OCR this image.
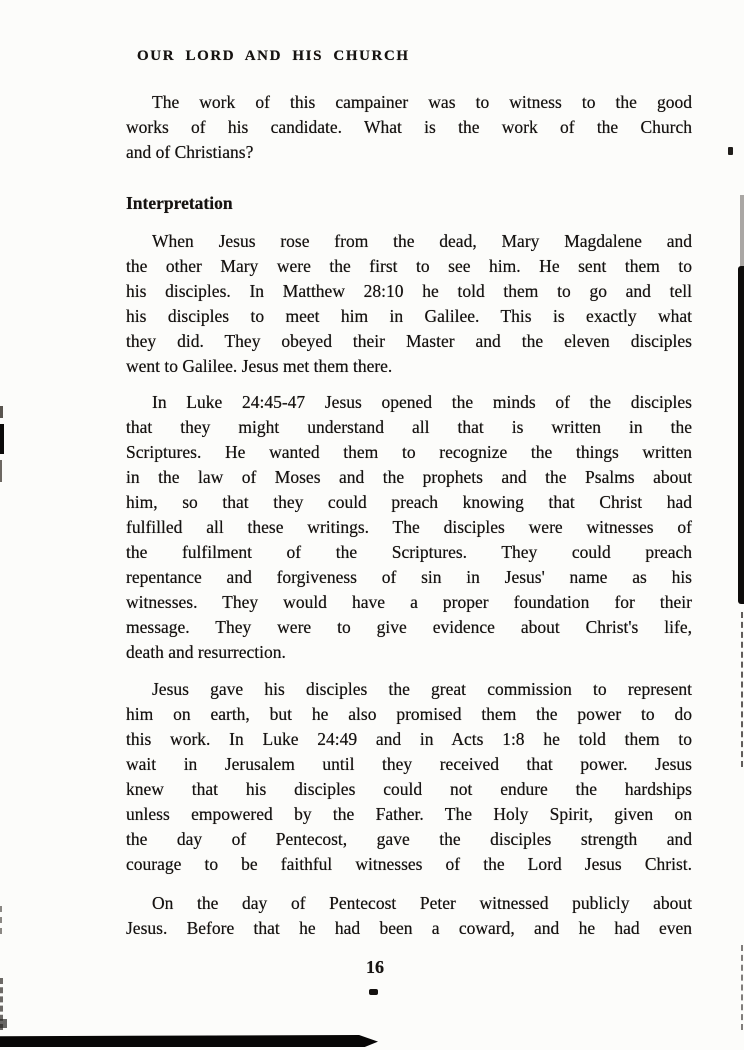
OUR LORD AND HIS CHURCH
The work of this campainer was to witness to the good
works of his candidate. What is the work of the Church
and of Christians?
Interpretation
When Jesus rose from the dead, Mary Magdalene and
the other Mary were the first to see him. He sent them to
his disciples. In Matthew 28:10 he told them to go and tell
his disciples to meet him in Galilee. This is exactly what
they did. They obeyed their Master and the eleven disciples
went to Galilee. Jesus met them there.
In Luke 24:45-47 Jesus opened the minds of the disciples
that they might understand all that is written in the
Scriptures. He wanted them to recognize the things written
in the law of Moses and the prophets and the Psalms about
him, so that they could preach knowing that Christ had
fulfilled all these writings. The disciples were witnesses of
the fulfilment of the Scriptures. They could preach
repentance and forgiveness of sin in Jesus' name as his
witnesses. They would have a proper foundation for their
message. They were to give evidence about Christ's life,
death and resurrection.
Jesus gave his disciples the great commission to represent
him on earth, but he also promised them the power to do
this work. In Luke 24:49 and in Acts 1:8 he told them to
wait in Jerusalem until they received that power. Jesus
knew that his disciples could not endure the hardships
unless empowered by the Father. The Holy Spirit, given on
the day of Pentecost, gave the disciples strength and
courage to be faithful witnesses of the Lord Jesus Christ.
On the day of Pentecost Peter witnessed publicly about
Jesus. Before that he had been a coward, and he had even
16
